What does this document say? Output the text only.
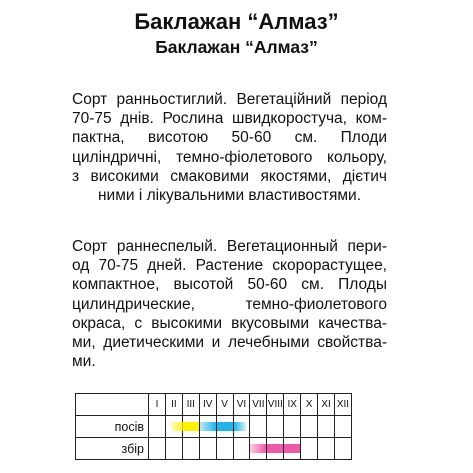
Баклажан “Алмаз”
Баклажан “Алмаз”
Сорт ранньостиглий. Вегетаційний період
70-75 днів. Рослина швидкоростуча, ком-
пактна, висотою 50-60 см. Плоди
циліндричні, темно-фіолетового кольору,
з високими смаковими якостями, дієтич
ними і лікувальними властивостями.
Сорт раннеспелый. Вегетационный пери-
од 70-75 дней. Растение скорорастущее,
компактное, высотой 50-60 см. Плоды
цилиндрические, темно-фиолетового
окраса, с высокими вкусовыми качества-
ми, диетическими и лечебными свойства-
ми.
	I	II	III	IV	V	VI	VII	VIII	IX	X	XI	XII
посів		

збір							
